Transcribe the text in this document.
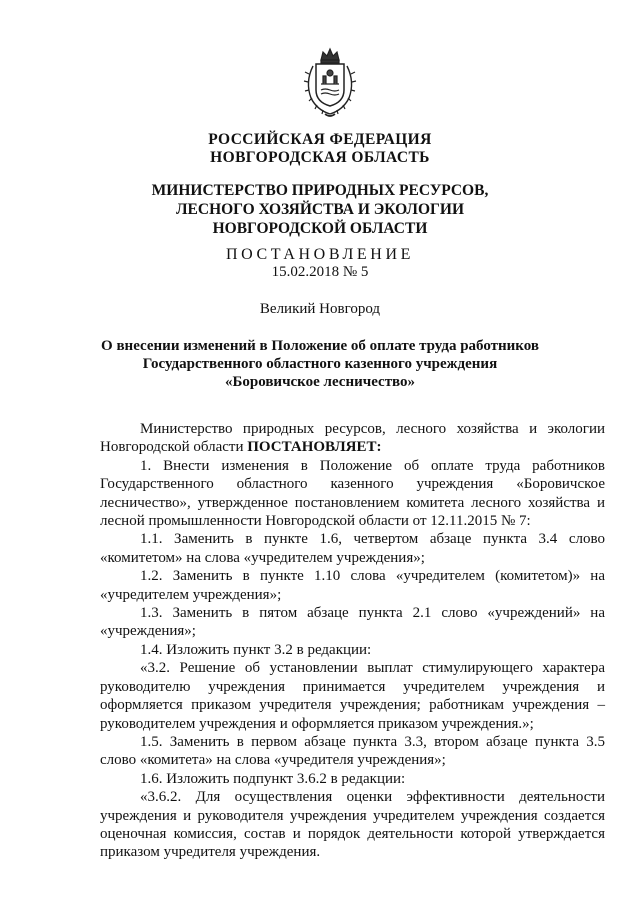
РОССИЙСКАЯ ФЕДЕРАЦИЯ
НОВГОРОДСКАЯ ОБЛАСТЬ
МИНИСТЕРСТВО ПРИРОДНЫХ РЕСУРСОВ,
ЛЕСНОГО ХОЗЯЙСТВА И ЭКОЛОГИИ
НОВГОРОДСКОЙ ОБЛАСТИ
ПОСТАНОВЛЕНИЕ
15.02.2018 № 5
Великий Новгород
О внесении изменений в Положение об оплате труда работников
Государственного областного казенного учреждения
«Боровичское лесничество»

Министерство природных ресурсов, лесного хозяйства и экологии Новгородской области ПОСТАНОВЛЯЕТ:

1. Внести изменения в Положение об оплате труда работников Государственного областного казенного учреждения «Боровичское лесничество», утвержденное постановлением комитета лесного хозяйства и лесной промышленности Новгородской области от 12.11.2015 № 7:

1.1. Заменить в пункте 1.6, четвертом абзаце пункта 3.4 слово «комитетом» на слова «учредителем учреждения»;

1.2. Заменить в пункте 1.10 слова «учредителем (комитетом)» на «учредителем учреждения»;

1.3. Заменить в пятом абзаце пункта 2.1 слово «учреждений» на «учреждения»;

1.4. Изложить пункт 3.2 в редакции:

«3.2. Решение об установлении выплат стимулирующего характера руководителю учреждения принимается учредителем учреждения и оформляется приказом учредителя учреждения; работникам учреждения – руководителем учреждения и оформляется приказом учреждения.»;

1.5. Заменить в первом абзаце пункта 3.3, втором абзаце пункта 3.5 слово «комитета» на слова «учредителя учреждения»;

1.6. Изложить подпункт 3.6.2 в редакции:

«3.6.2. Для осуществления оценки эффективности деятельности учреждения и руководителя учреждения учредителем учреждения создается оценочная комиссия, состав и порядок деятельности которой утверждается приказом учредителя учреждения.
